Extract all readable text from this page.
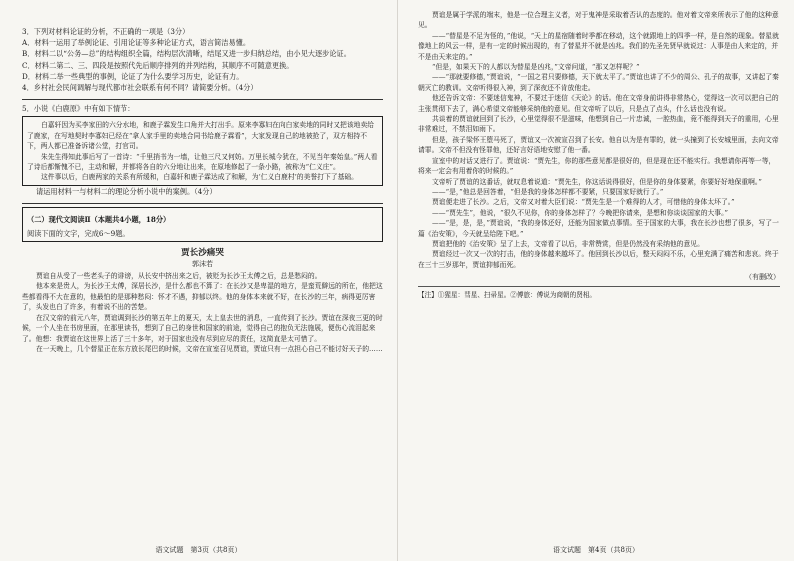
3．下列对材料论证的分析，不正确的一项是（3分）

A．材料一运用了举例论证、引用论证等多种论证方式，语言简洁易懂。

B．材料二以“公务—总”的结构组织全篇，结构层次清晰，结尾又进一步归纳总结，由小见大逐步论证。

C．材料二第二、三、四段是按照代先后顺序排列的并列结构，其顺序不可随意更换。

D．材料二举一些典型的事例，论证了为什么要学习历史，论证有力。

4．乡村社会民间调解与现代都市社会联系有何不同？请简要分析。（4分）

5．小说《白鹿原》中有如下情节：

白嘉轩因为买李家田的六分水地，和鹿子霖发生口角并大打出手。原来李寡妇在向白家卖地的同时又把该地卖给了鹿家，在写地契时李寡妇已经在“拿人家手里的卖地合同书给鹿子霖看”，大家发现自己的地被抢了，双方相持不下，两人都已准备诉诸公堂，打官司。

朱先生得知此事后写了一首诗：“千里捎书为一墙，让他三尺又何妨。万里长城今犹在，不见当年秦始皇。”两人看了诗后都惭愧不已，主动和解，并都将各自的六分地让出来，在原地修起了一条小路，被称为“仁义庄”。

这件事以后，白鹿两家的关系有所缓和，白嘉轩和鹿子霖达成了和解，为‘仁义白鹿村’的美誉打下了基础。

请运用材料一与材料二的理论分析小说中的案例。（4分）

（二）现代文阅读Ⅱ（本题共4小题，18分）

阅读下面的文字，完成6～9题。

贾长沙痛哭

郭沫若

贾谊自从受了一些老头子的诽谤，从长安中挤出来之后，被贬为长沙王太傅之后，总是愁闷的。

他本来是贵人，为长沙王太傅，深居长沙，是什么都也不算了：在长沙又是卑湿的地方，是蛮荒僻远的所在，他把这些都看得不大在意的，他最怕的是那种愁闷：怀才不遇，抑郁以终。他的身体本来就不好，在长沙的三年，病得更厉害了，头发也白了许多，有着说不出的苦楚。

在汉文帝的前元八年，贾谊调到长沙的第五年上的夏天，太上皇去世的消息，一直传到了长沙。贾谊在深夜三更的时候，一个人坐在书房里面，在那里读书，想到了自己的身世和国家的前途，觉得自己的抱负无法施展，便伤心流泪起来了。他想：我贾谊在这世界上活了三十多年，对于国家也没有尽到应尽的责任，这简直是太可惜了。

在一天晚上，几个替星正在东方放长尾巴的时候，文帝在宣室召见贾谊，贾谊只有一点担心自己不能讨好天子的……

语文试题　第3页（共8页）

贾谊是属于学派的端末，他是一位合理主义者，对于鬼神是采取着否认的态度的。他对着文帝来所表示了他的这种意见。

——“替星是不足为怪的，”他说，“天上的星宿随着时季都在移动，这个就跟地上的四季一样，是自然的现象。替星就像地上的风云一样，是有一定的时候出现的，有了替星并不就是凶兆。我们的先圣先贤早就说过：人事是由人来定的，并不是由天来定的。”

“但是，如果天下的人都以为替星是凶兆，”文帝问道，“那又怎样呢？”

——“那就要修德，”贾谊说，“一国之君只要修德，天下就太平了。”贾谊也讲了不少的周公、孔子的故事，又讲起了秦朝灭亡的教训。文帝听得很入神，到了深夜还不肯放他走。

他还告诉文帝：不要迷信鬼神，不要过于迷信《天论》的话。他在文帝身前讲得非常热心，觉得这一次可以把自己的主张贯彻下去了，满心希望文帝能够采纳他的意见。但文帝听了以后，只是点了点头，什么话也没有说。

共谈着的贾谊就回到了长沙，心里觉得很不是滋味，他想到自己一片忠诚，一腔热血，竟不能得到天子的重用，心里非常难过，不禁泪如雨下。

但是，孩子梁怀王堕马死了，贾谊又一次被宣召到了长安。他自以为是有罪的，就一头撞到了长安城里面，去向文帝请罪。文帝不但没有怪罪他，还好言好语地安慰了他一番。

宣室中的对话又进行了。贾谊说：“贾先生，你的那些意见都是很好的，但是现在还不能实行。我想请你再等一等，将来一定会有用着你的时候的。”

文帝听了贾谊的这番话，就叹息着说道：“贾先生，你这话说得很好，但是你的身体要紧，你要好好地保重啊。”

——“是，”他总是回答着，“但是我的身体怎样都不要紧，只要国家好就行了。”

贾谊便走进了长沙。之后，文帝又对着大臣们说：“贾先生是一个难得的人才，可惜他的身体太坏了。”

——“贾先生”，他说，“很久不见你，你的身体怎样了？今晚把你请来，是想和你谈谈国家的大事。”

——“是，是，是，”贾谊说，“我的身体还好，还能为国家做点事情。至于国家的大事，我在长沙也想了很多，写了一篇《治安策》，今天就呈给陛下吧。”

贾谊把他的《治安策》呈了上去，文帝看了以后，非常赞赏，但是仍然没有采纳他的意见。

贾谊经过一次又一次的打击，他的身体越来越坏了。他回到长沙以后，整天闷闷不乐，心里充满了痛苦和悲哀。终于在三十三岁那年，贾谊抑郁而死。

（有删改）

【注】①猩星：彗星、扫帚星。②傅旅：傅说为商朝的贤相。

语文试题　第4页（共8页）
